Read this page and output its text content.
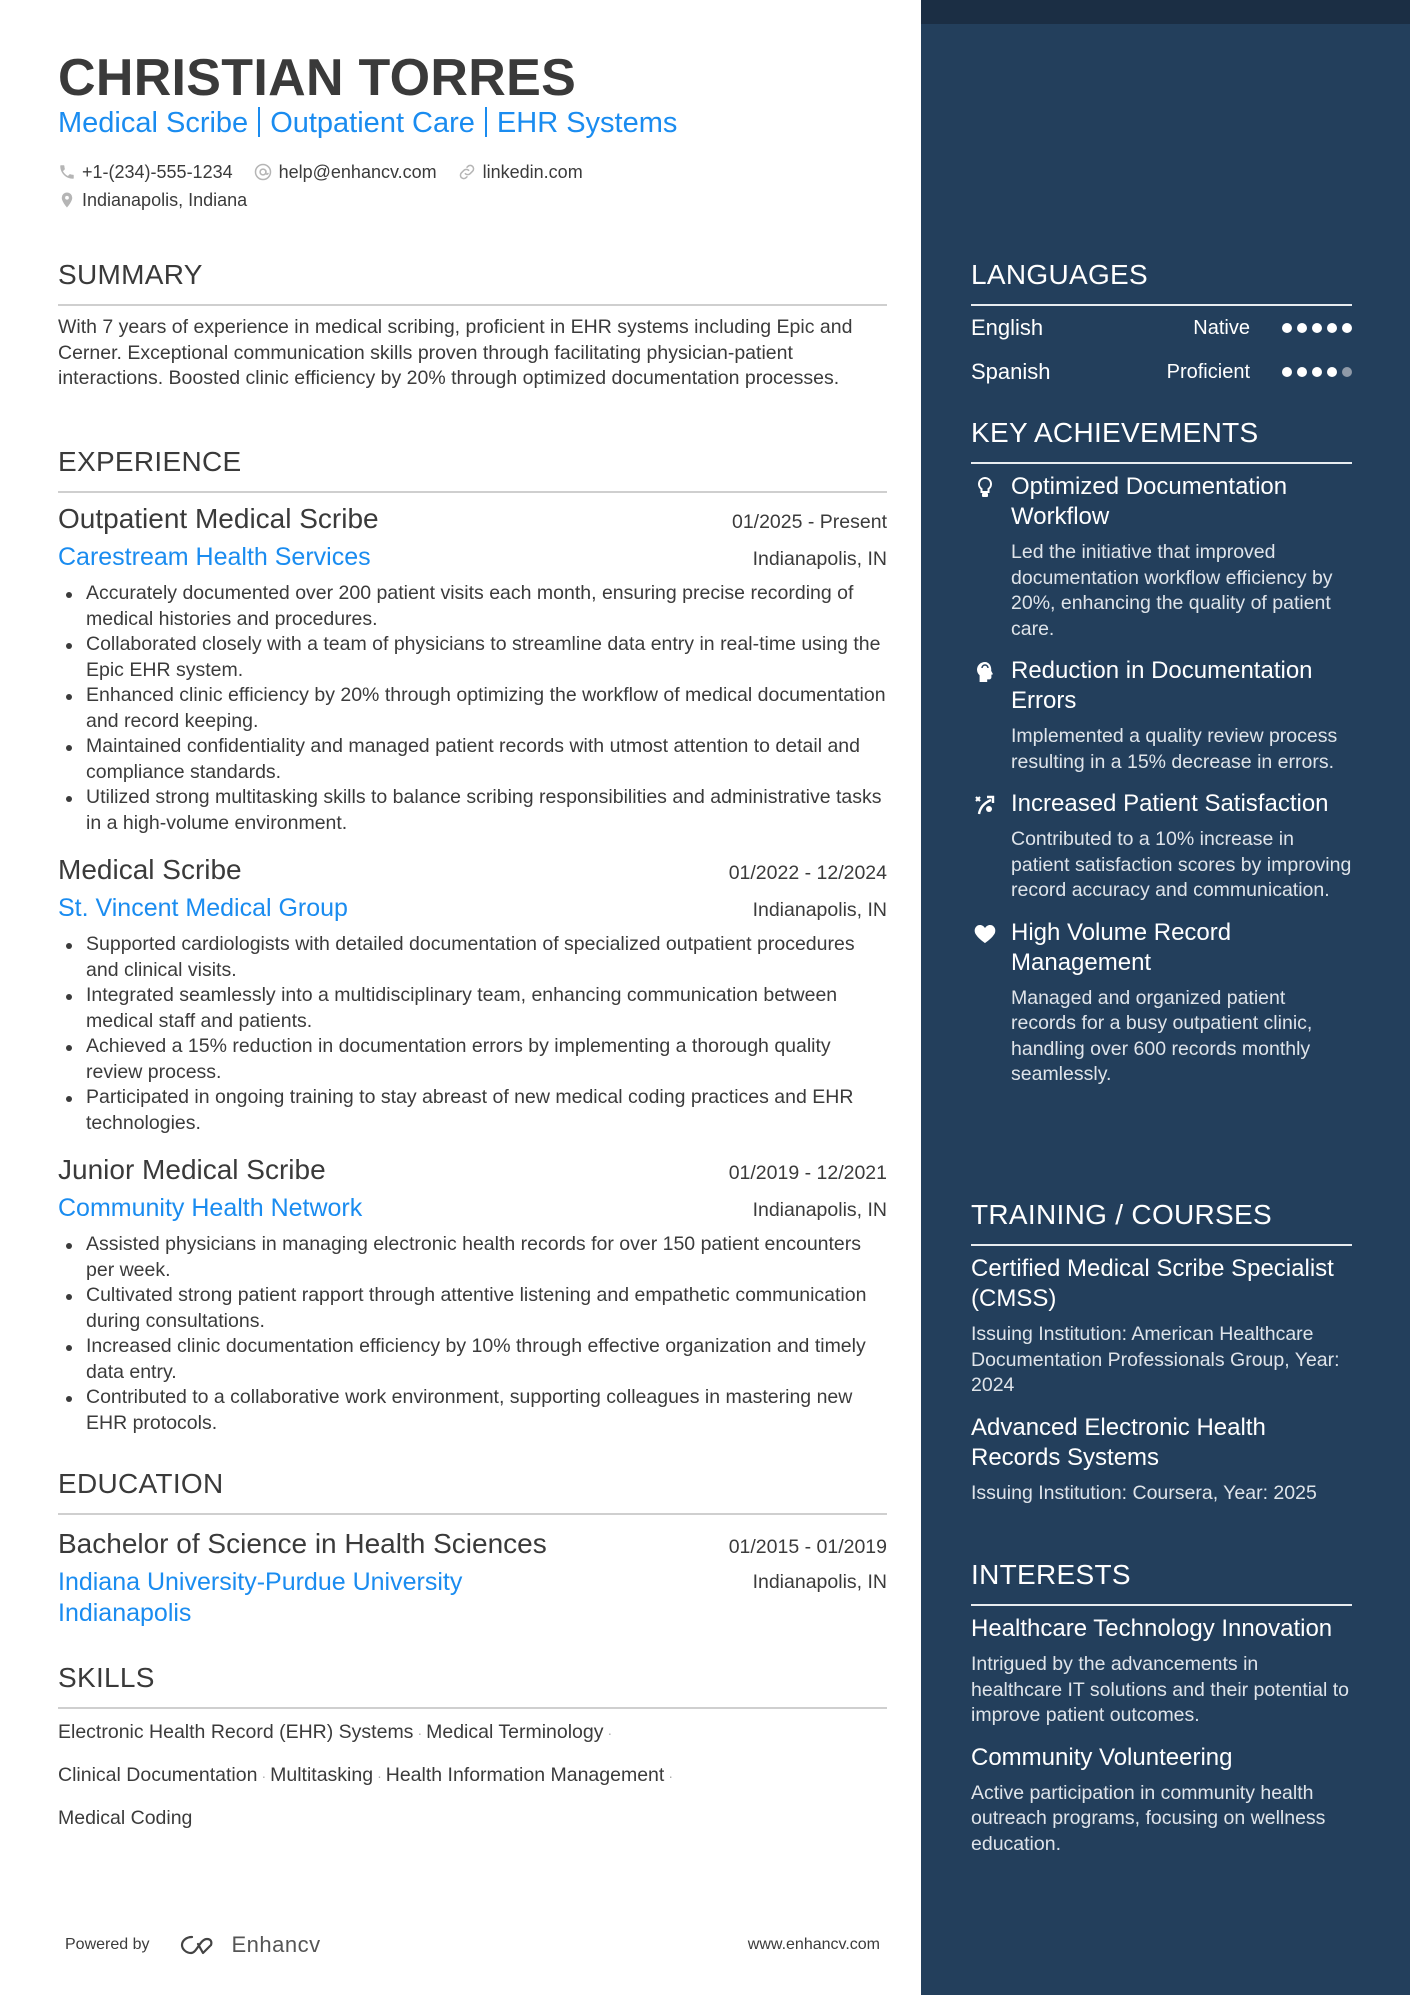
CHRISTIAN TORRES
Medical Scribe Outpatient Care EHR Systems
+1-(234)-555-1234	help@enhancv.com	linkedin.com
Indianapolis, Indiana
SUMMARY
With 7 years of experience in medical scribing, proficient in EHR systems including Epic and Cerner. Exceptional communication skills proven through facilitating physician-patient interactions. Boosted clinic efficiency by 20% through optimized documentation processes.
EXPERIENCE
Outpatient Medical Scribe	01/2025 - Present
Carestream Health Services	Indianapolis, IN
Accurately documented over 200 patient visits each month, ensuring precise recording of medical histories and procedures.
Collaborated closely with a team of physicians to streamline data entry in real-time using the Epic EHR system.
Enhanced clinic efficiency by 20% through optimizing the workflow of medical documentation and record keeping.
Maintained confidentiality and managed patient records with utmost attention to detail and compliance standards.
Utilized strong multitasking skills to balance scribing responsibilities and administrative tasks in a high-volume environment.
Medical Scribe	01/2022 - 12/2024
St. Vincent Medical Group	Indianapolis, IN
Supported cardiologists with detailed documentation of specialized outpatient procedures and clinical visits.
Integrated seamlessly into a multidisciplinary team, enhancing communication between medical staff and patients.
Achieved a 15% reduction in documentation errors by implementing a thorough quality review process.
Participated in ongoing training to stay abreast of new medical coding practices and EHR technologies.
Junior Medical Scribe	01/2019 - 12/2021
Community Health Network	Indianapolis, IN
Assisted physicians in managing electronic health records for over 150 patient encounters per week.
Cultivated strong patient rapport through attentive listening and empathetic communication during consultations.
Increased clinic documentation efficiency by 10% through effective organization and timely data entry.
Contributed to a collaborative work environment, supporting colleagues in mastering new EHR protocols.
EDUCATION
Bachelor of Science in Health Sciences	01/2015 - 01/2019
Indiana University-Purdue University Indianapolis
Indianapolis, IN
SKILLS
Electronic Health Record (EHR) Systems · Medical Terminology ·
Clinical Documentation · Multitasking · Health Information Management ·
Medical Coding
Powered by	Enhancv	www.enhancv.com
LANGUAGES
English	Native
Spanish	Proficient
KEY ACHIEVEMENTS
Optimized Documentation Workflow
Led the initiative that improved documentation workflow efficiency by 20%, enhancing the quality of patient care.
Reduction in Documentation Errors
Implemented a quality review process resulting in a 15% decrease in errors.
Increased Patient Satisfaction
Contributed to a 10% increase in patient satisfaction scores by improving record accuracy and communication.
High Volume Record Management
Managed and organized patient records for a busy outpatient clinic, handling over 600 records monthly seamlessly.
TRAINING / COURSES
Certified Medical Scribe Specialist (CMSS)
Issuing Institution: American Healthcare Documentation Professionals Group, Year: 2024
Advanced Electronic Health Records Systems
Issuing Institution: Coursera, Year: 2025
INTERESTS
Healthcare Technology Innovation
Intrigued by the advancements in healthcare IT solutions and their potential to improve patient outcomes.
Community Volunteering
Active participation in community health outreach programs, focusing on wellness education.
